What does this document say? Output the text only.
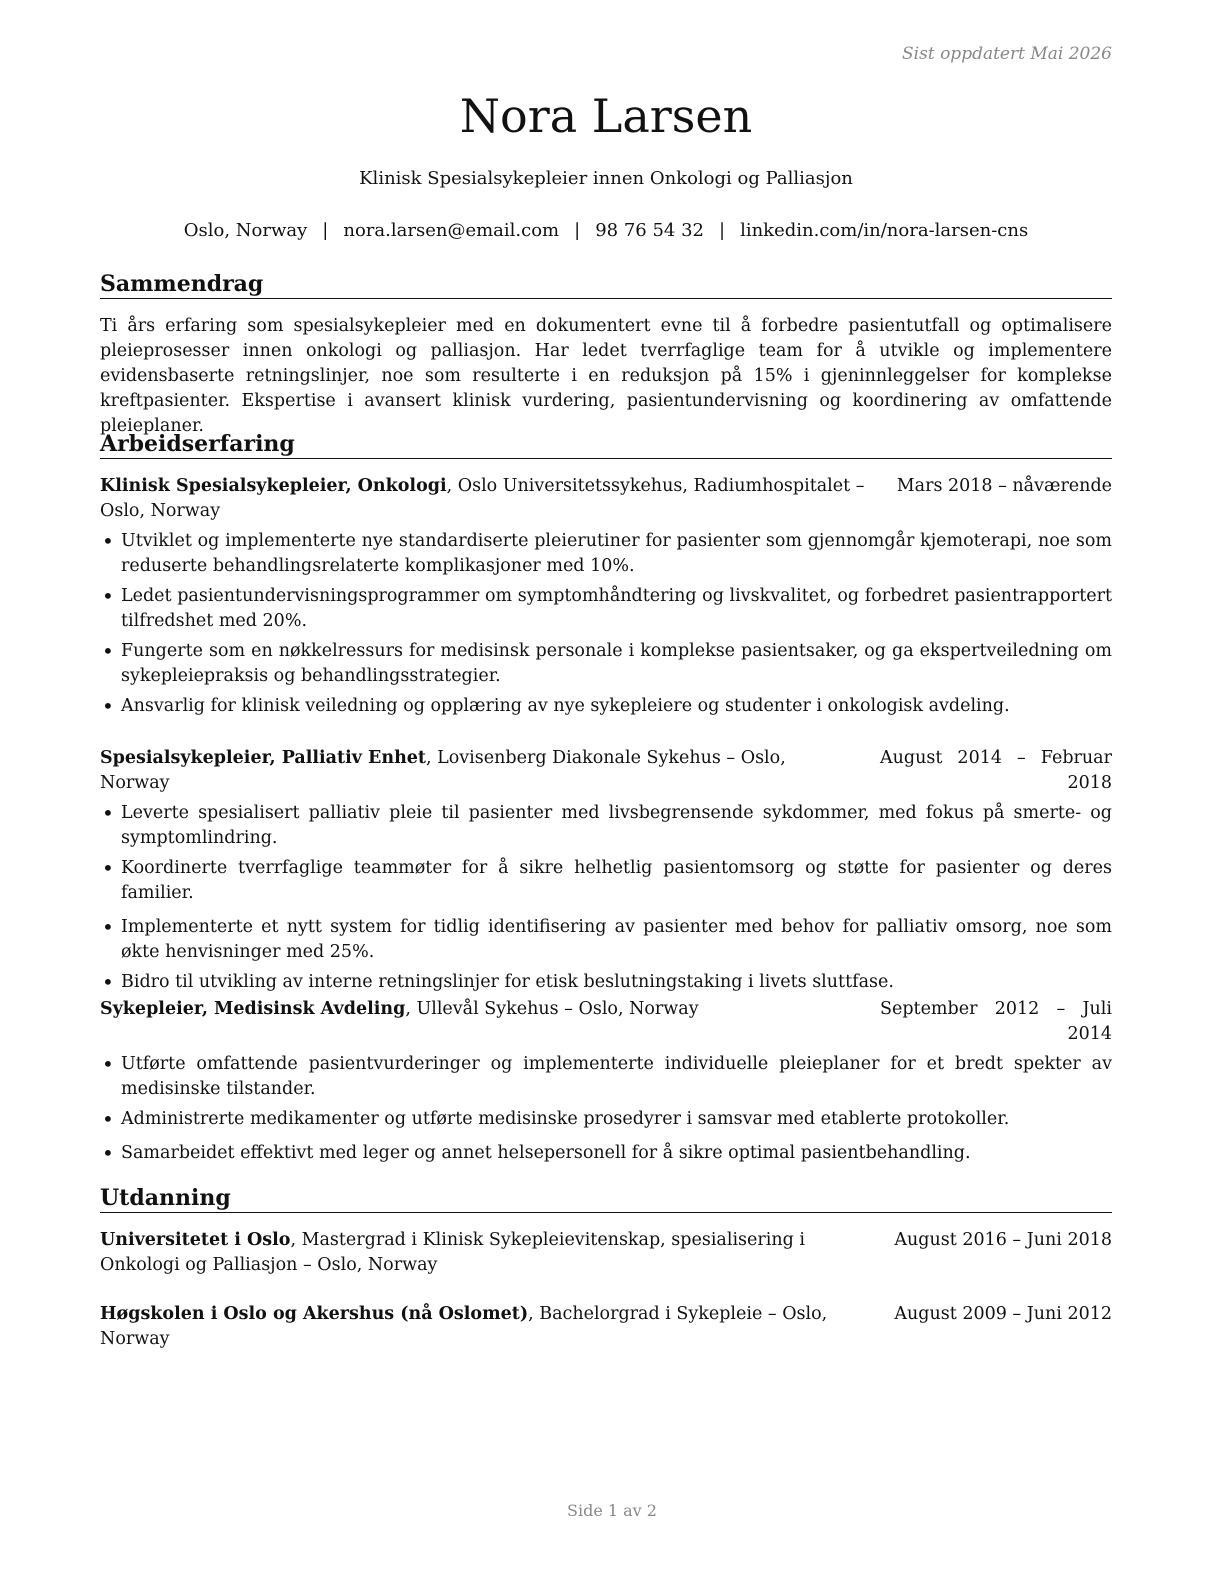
Sist oppdatert Mai 2026
Nora Larsen
Klinisk Spesialsykepleier innen Onkologi og Palliasjon
Oslo, Norway | nora.larsen@email.com | 98 76 54 32 | linkedin.com/in/nora-larsen-cns
Sammendrag
Ti års erfaring som spesialsykepleier med en dokumentert evne til å forbedre pasientutfall og optimalisere pleieprosesser innen onkologi og palliasjon. Har ledet tverrfaglige team for å utvikle og implementere evidensbaserte retningslinjer, noe som resulterte i en reduksjon på 15% i gjeninnleggelser for komplekse kreftpasienter. Ekspertise i avansert klinisk vurdering, pasientundervisning og koordinering av omfattende pleieplaner.
Arbeidserfaring
Klinisk Spesialsykepleier, Onkologi, Oslo Universitetssykehus, Radiumhospitalet – Oslo, Norway
Mars 2018 – nåværende
• Utviklet og implementerte nye standardiserte pleierutiner for pasienter som gjennomgår kjemoterapi, noe som reduserte behandlingsrelaterte komplikasjoner med 10%.
• Ledet pasientundervisningsprogrammer om symptomhåndtering og livskvalitet, og forbedret pasientrapportert tilfredshet med 20%.
• Fungerte som en nøkkelressurs for medisinsk personale i komplekse pasientsaker, og ga ekspertveiledning om sykepleiepraksis og behandlingsstrategier.
• Ansvarlig for klinisk veiledning og opplæring av nye sykepleiere og studenter i onkologisk avdeling.
Spesialsykepleier, Palliativ Enhet, Lovisenberg Diakonale Sykehus – Oslo, Norway
August 2014 – Februar 2018
• Leverte spesialisert palliativ pleie til pasienter med livsbegrensende sykdommer, med fokus på smerte- og symptomlindring.
• Koordinerte tverrfaglige teammøter for å sikre helhetlig pasientomsorg og støtte for pasienter og deres familier.
• Implementerte et nytt system for tidlig identifisering av pasienter med behov for palliativ omsorg, noe som økte henvisninger med 25%.
• Bidro til utvikling av interne retningslinjer for etisk beslutningstaking i livets sluttfase.
Sykepleier, Medisinsk Avdeling, Ullevål Sykehus – Oslo, Norway	September 2012 – Juli 2014
• Utførte omfattende pasientvurderinger og implementerte individuelle pleieplaner for et bredt spekter av medisinske tilstander.
• Administrerte medikamenter og utførte medisinske prosedyrer i samsvar med etablerte protokoller.
• Samarbeidet effektivt med leger og annet helsepersonell for å sikre optimal pasientbehandling.
Utdanning
Universitetet i Oslo, Mastergrad i Klinisk Sykepleievitenskap, spesialisering i Onkologi og Palliasjon – Oslo, Norway
August 2016 – Juni 2018
Høgskolen i Oslo og Akershus (nå Oslomet), Bachelorgrad i Sykepleie – Oslo, Norway
August 2009 – Juni 2012
Side 1 av 2
